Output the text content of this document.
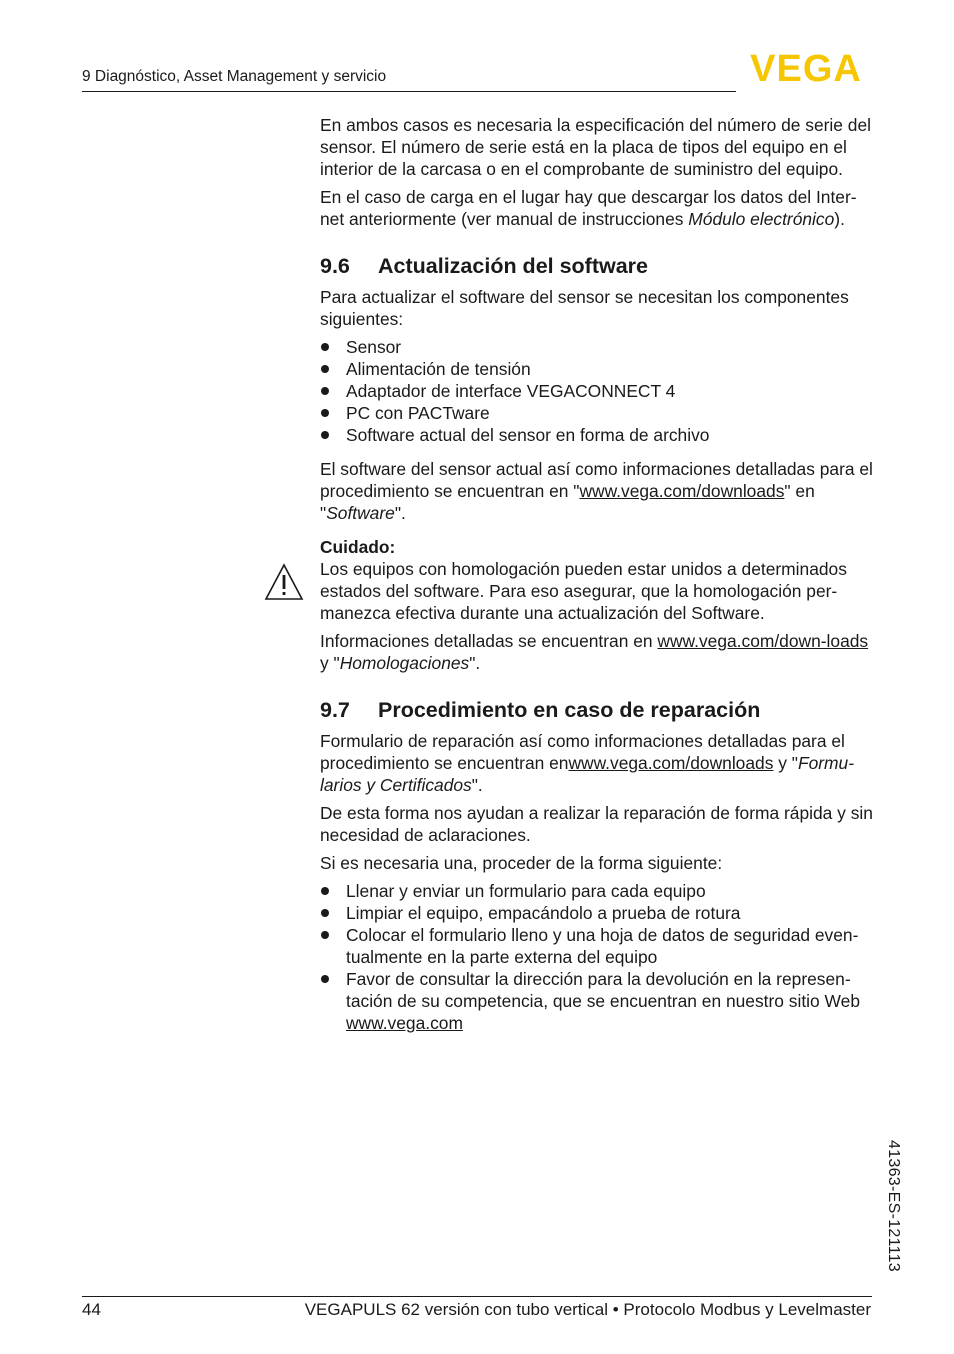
9 Diagnóstico, Asset Management y servicio	VEGA

En ambos casos es necesaria la especificación del número de serie del sensor. El número de serie está en la placa de tipos del equipo en el interior de la carcasa o en el comprobante de suministro del equipo.

En el caso de carga en el lugar hay que descargar los datos del Inter-net anteriormente (ver manual de instrucciones Módulo electrónico).

9.6 Actualización del software

Para actualizar el software del sensor se necesitan los componentes siguientes:

Sensor
Alimentación de tensión
Adaptador de interface VEGACONNECT 4
PC con PACTware
Software actual del sensor en forma de archivo

El software del sensor actual así como informaciones detalladas para el procedimiento se encuentran en "www.vega.com/downloads" en "Software".

Cuidado:
Los equipos con homologación pueden estar unidos a determinados estados del software. Para eso asegurar, que la homologación per-manezca efectiva durante una actualización del Software.

Informaciones detalladas se encuentran en www.vega.com/down-loads y "Homologaciones".

9.7 Procedimiento en caso de reparación

Formulario de reparación así como informaciones detalladas para el procedimiento se encuentran enwww.vega.com/downloads y "Formu-larios y Certificados".

De esta forma nos ayudan a realizar la reparación de forma rápida y sin necesidad de aclaraciones.

Si es necesaria una, proceder de la forma siguiente:

Llenar y enviar un formulario para cada equipo
Limpiar el equipo, empacándolo a prueba de rotura
Colocar el formulario lleno y una hoja de datos de seguridad even-tualmente en la parte externa del equipo
Favor de consultar la dirección para la devolución en la represen-tación de su competencia, que se encuentran en nuestro sitio Web www.vega.com
44	VEGAPULS 62 versión con tubo vertical • Protocolo Modbus y Levelmaster
41363-ES-121113
